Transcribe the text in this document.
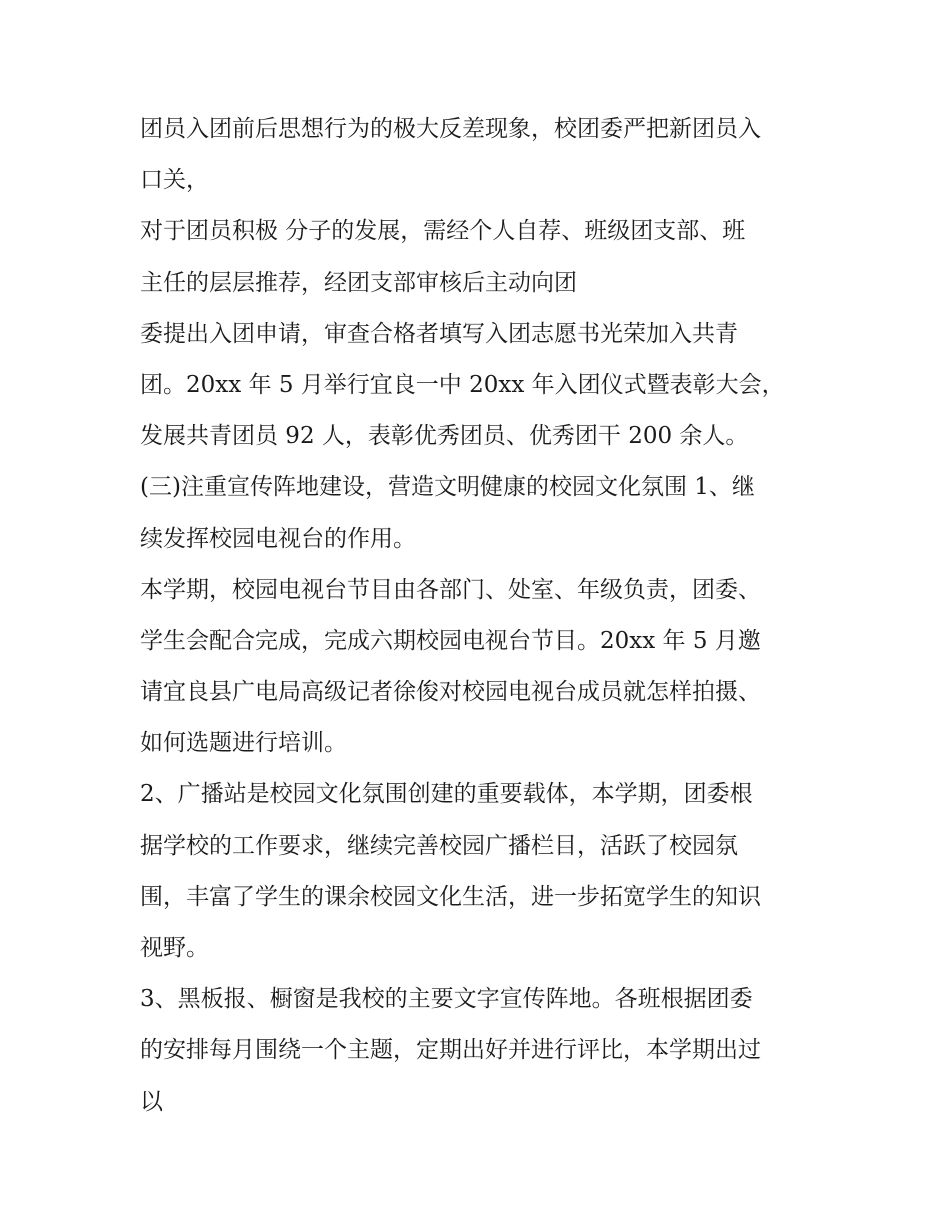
团员入团前后思想行为的极大反差现象，校团委严把新团员入
口关，
对于团员积极 分子的发展，需经个人自荐、班级团支部、班
主任的层层推荐，经团支部审核后主动向团
委提出入团申请，审查合格者填写入团志愿书光荣加入共青
团。20xx 年 5 月举行宜良一中 20xx 年入团仪式暨表彰大会，
发展共青团员 92 人，表彰优秀团员、优秀团干 200 余人。
(三)注重宣传阵地建设，营造文明健康的校园文化氛围 1、继
续发挥校园电视台的作用。
本学期，校园电视台节目由各部门、处室、年级负责，团委、
学生会配合完成，完成六期校园电视台节目。20xx 年 5 月邀
请宜良县广电局高级记者徐俊对校园电视台成员就怎样拍摄、
如何选题进行培训。
2、广播站是校园文化氛围创建的重要载体，本学期，团委根
据学校的工作要求，继续完善校园广播栏目，活跃了校园氛
围，丰富了学生的课余校园文化生活，进一步拓宽学生的知识
视野。
3、黑板报、橱窗是我校的主要文字宣传阵地。各班根据团委
的安排每月围绕一个主题，定期出好并进行评比，本学期出过
以
